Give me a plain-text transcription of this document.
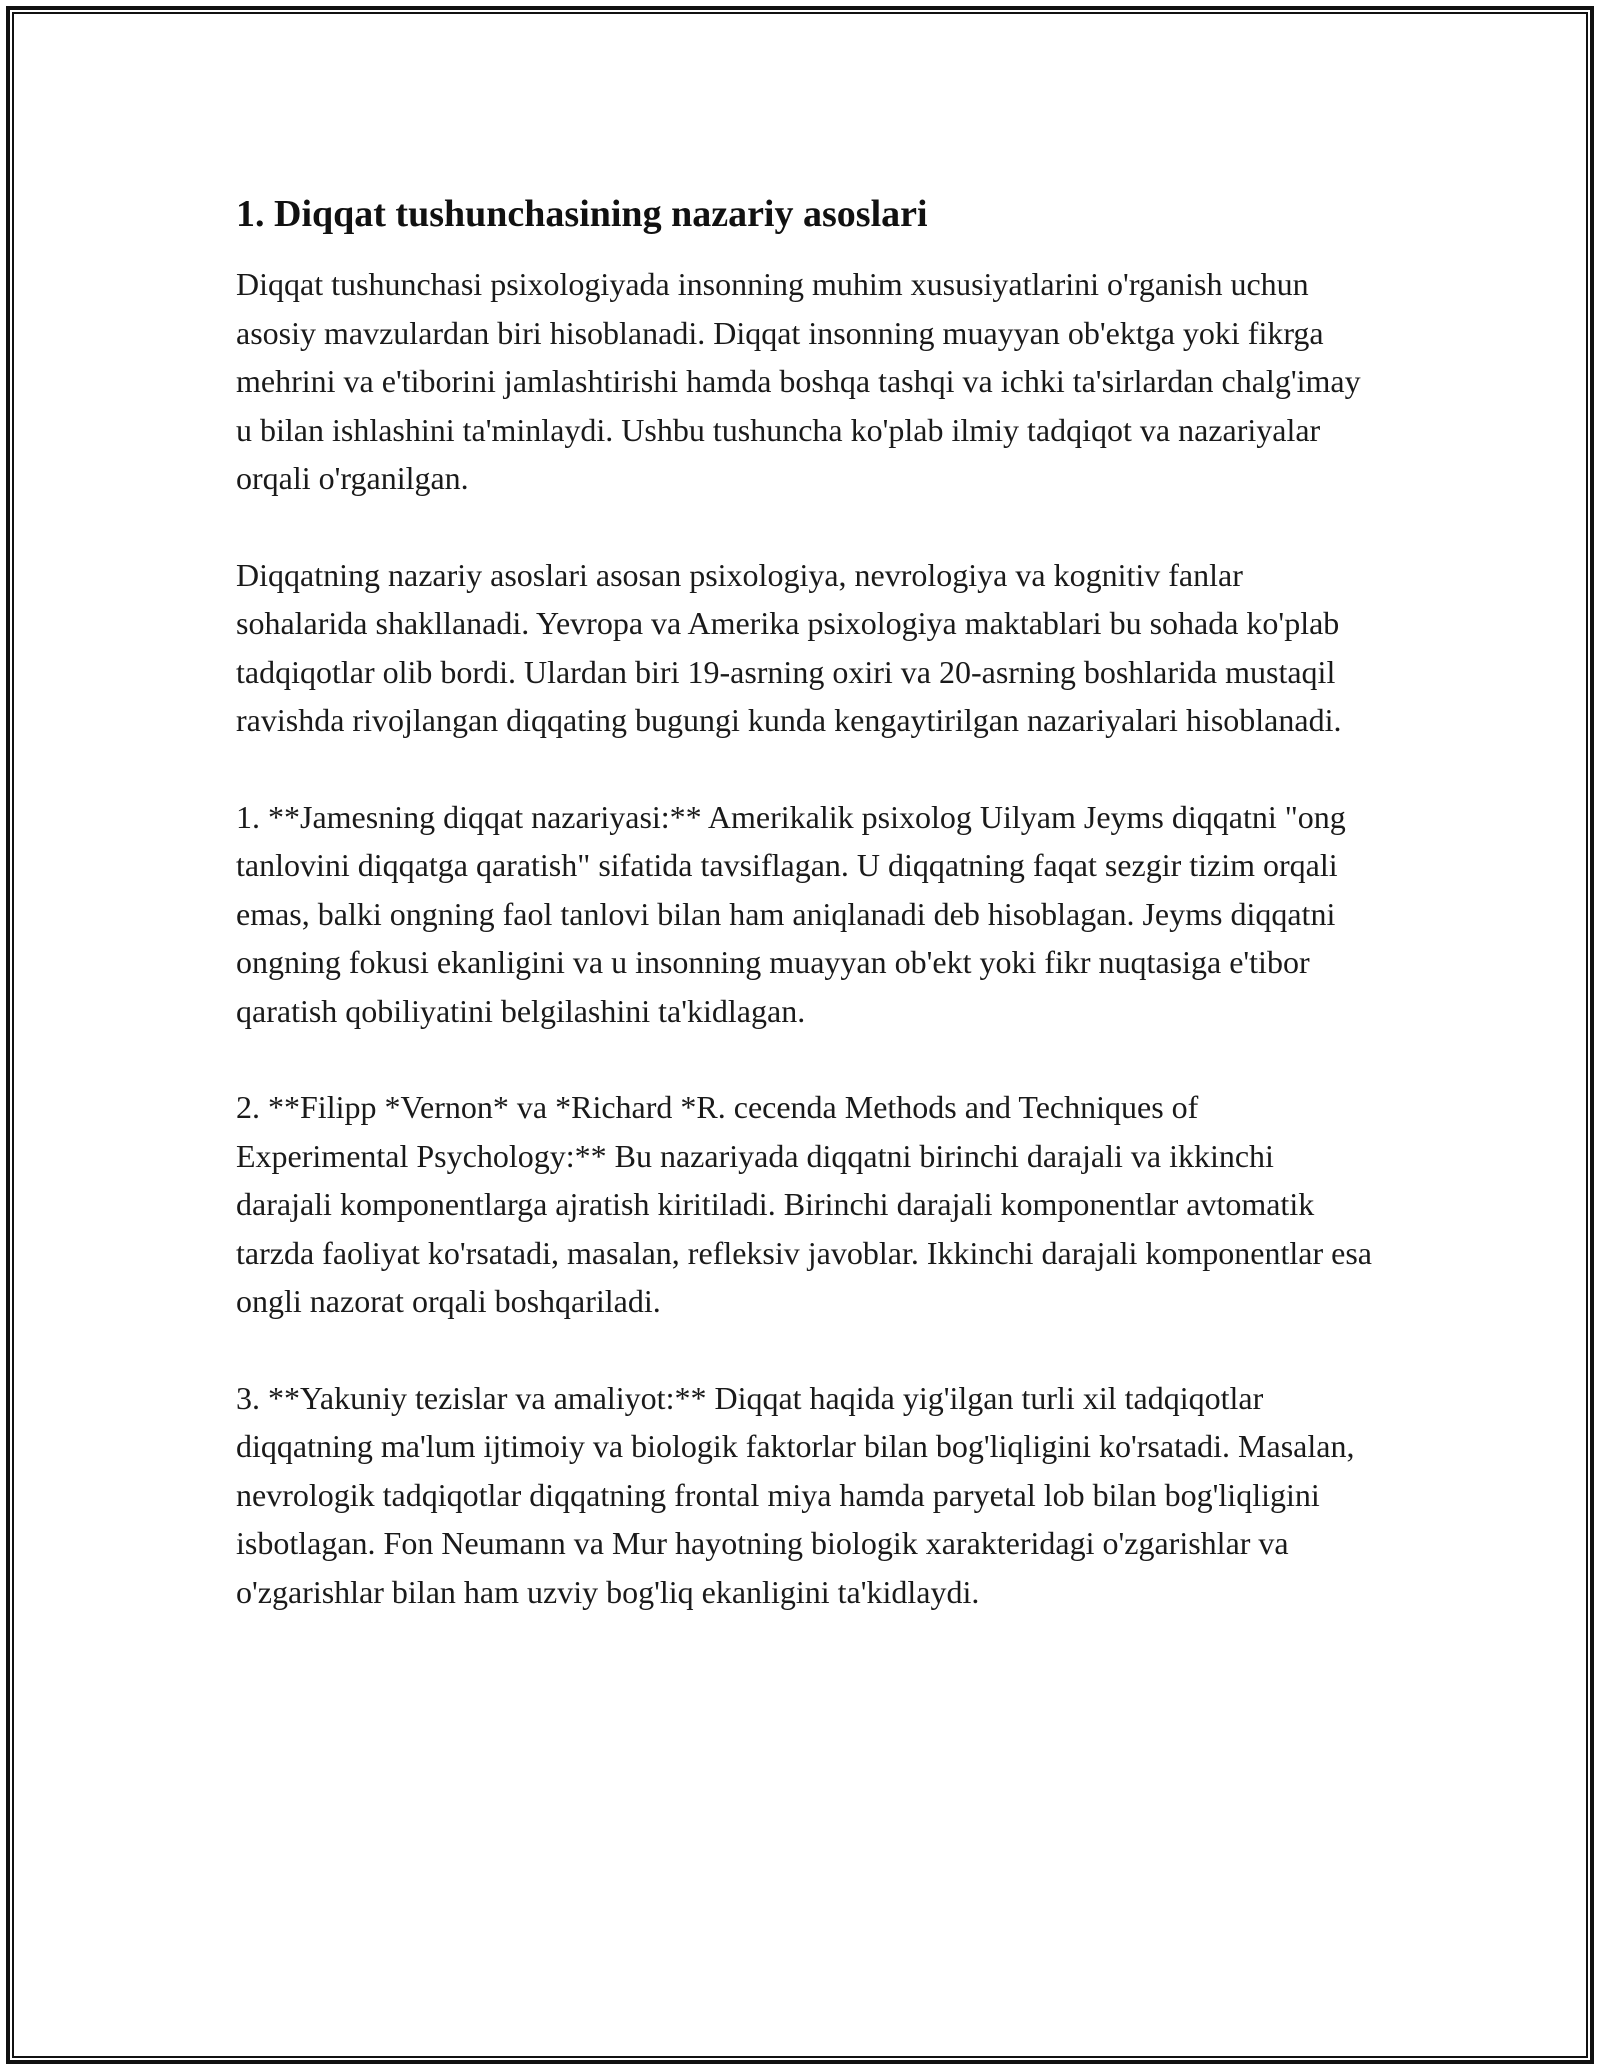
1. Diqqat tushunchasining nazariy asoslari

Diqqat tushunchasi psixologiyada insonning muhim xususiyatlarini o'rganish uchun asosiy mavzulardan biri hisoblanadi. Diqqat insonning muayyan ob'ektga yoki fikrga mehrini va e'tiborini jamlashtirishi hamda boshqa tashqi va ichki ta'sirlardan chalg'imay u bilan ishlashini ta'minlaydi. Ushbu tushuncha ko'plab ilmiy tadqiqot va nazariyalar orqali o'rganilgan.

Diqqatning nazariy asoslari asosan psixologiya, nevrologiya va kognitiv fanlar sohalarida shakllanadi. Yevropa va Amerika psixologiya maktablari bu sohada ko'plab tadqiqotlar olib bordi. Ulardan biri 19-asrning oxiri va 20-asrning boshlarida mustaqil ravishda rivojlangan diqqating bugungi kunda kengaytirilgan nazariyalari hisoblanadi.

1. **Jamesning diqqat nazariyasi:** Amerikalik psixolog Uilyam Jeyms diqqatni "ong tanlovini diqqatga qaratish" sifatida tavsiflagan. U diqqatning faqat sezgir tizim orqali emas, balki ongning faol tanlovi bilan ham aniqlanadi deb hisoblagan. Jeyms diqqatni ongning fokusi ekanligini va u insonning muayyan ob'ekt yoki fikr nuqtasiga e'tibor qaratish qobiliyatini belgilashini ta'kidlagan.

2. **Filipp *Vernon* va *Richard *R. cecenda Methods and Techniques of Experimental Psychology:** Bu nazariyada diqqatni birinchi darajali va ikkinchi darajali komponentlarga ajratish kiritiladi. Birinchi darajali komponentlar avtomatik tarzda faoliyat ko'rsatadi, masalan, refleksiv javoblar. Ikkinchi darajali komponentlar esa ongli nazorat orqali boshqariladi.

3. **Yakuniy tezislar va amaliyot:** Diqqat haqida yig'ilgan turli xil tadqiqotlar diqqatning ma'lum ijtimoiy va biologik faktorlar bilan bog'liqligini ko'rsatadi. Masalan, nevrologik tadqiqotlar diqqatning frontal miya hamda paryetal lob bilan bog'liqligini isbotlagan. Fon Neumann va Mur hayotning biologik xarakteridagi o'zgarishlar va o'zgarishlar bilan ham uzviy bog'liq ekanligini ta'kidlaydi.
